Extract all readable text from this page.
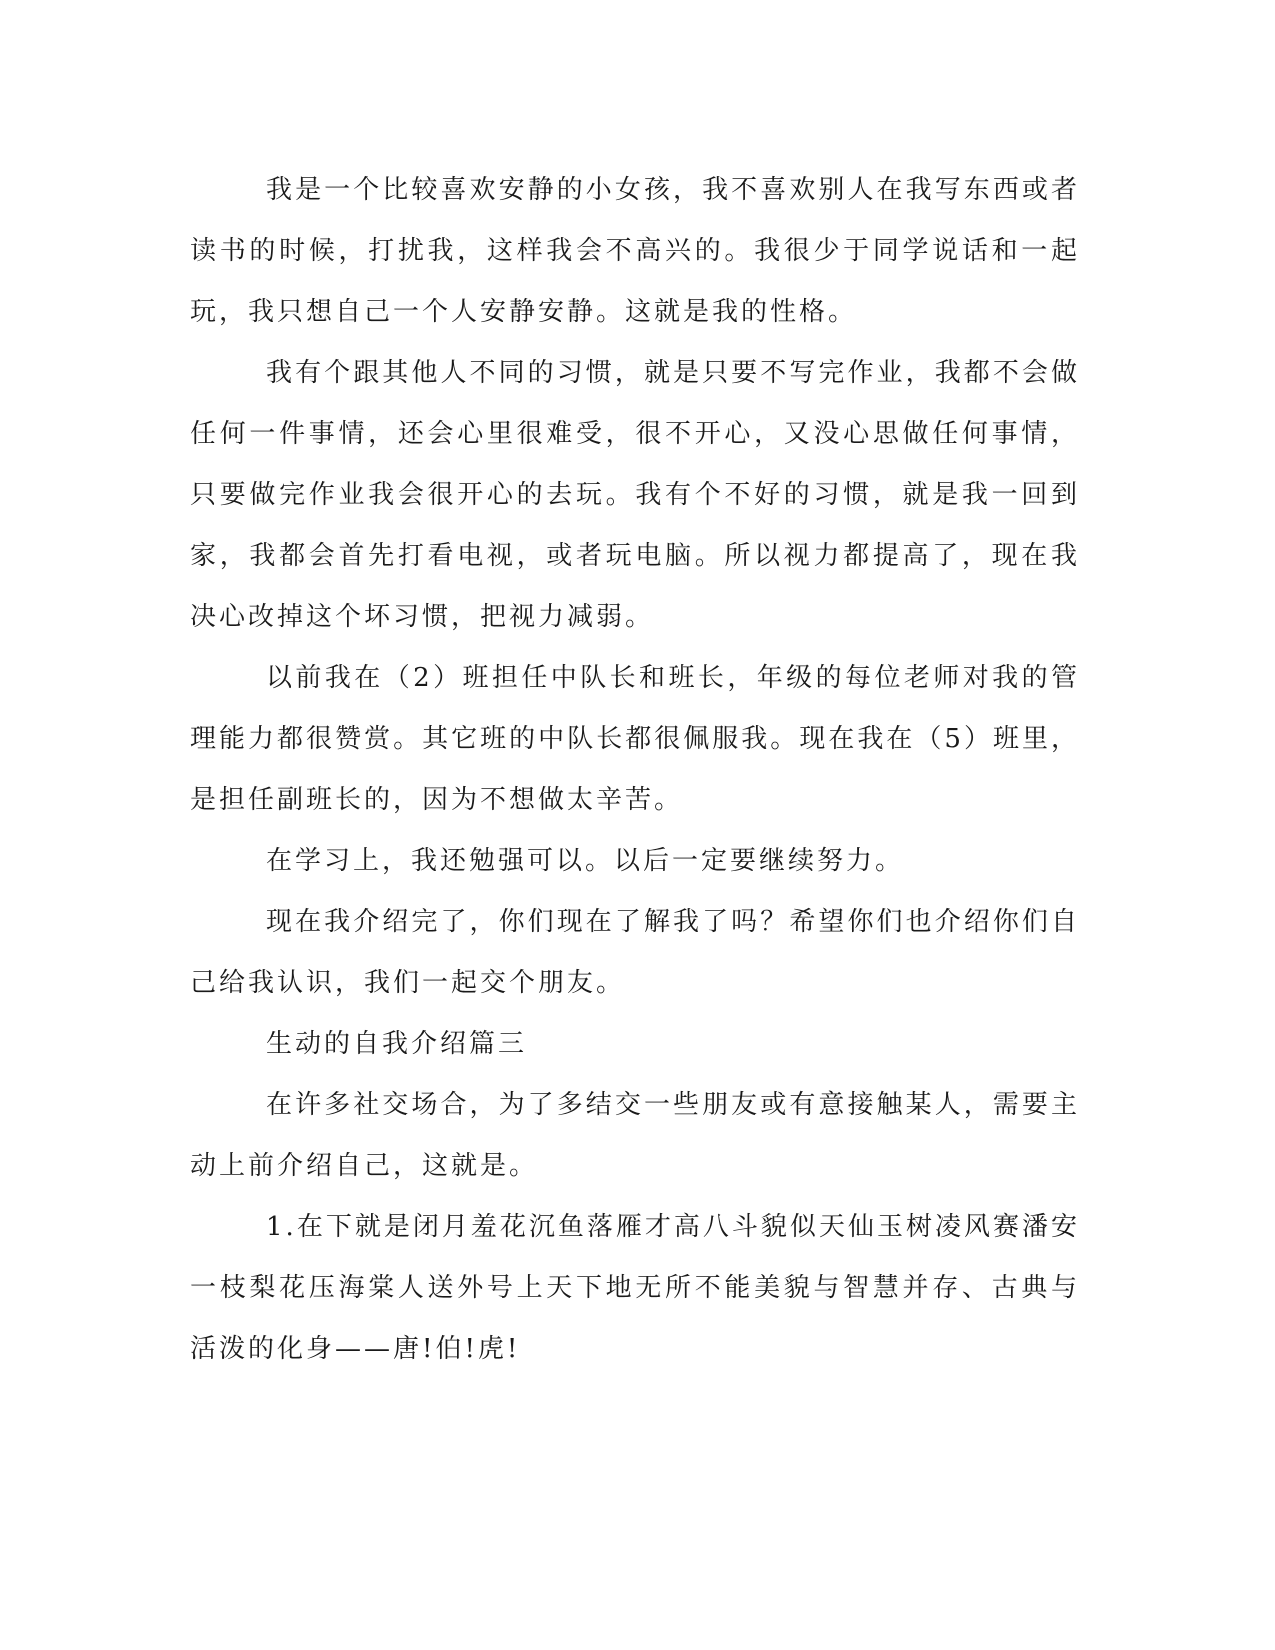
我是一个比较喜欢安静的小女孩，我不喜欢别人在我写东西或者读书的时候，打扰我，这样我会不高兴的。我很少于同学说话和一起玩，我只想自己一个人安静安静。这就是我的性格。

我有个跟其他人不同的习惯，就是只要不写完作业，我都不会做任何一件事情，还会心里很难受，很不开心，又没心思做任何事情，只要做完作业我会很开心的去玩。我有个不好的习惯，就是我一回到家，我都会首先打看电视，或者玩电脑。所以视力都提高了，现在我决心改掉这个坏习惯，把视力减弱。

以前我在（2）班担任中队长和班长，年级的每位老师对我的管理能力都很赞赏。其它班的中队长都很佩服我。现在我在（5）班里，是担任副班长的，因为不想做太辛苦。

在学习上，我还勉强可以。以后一定要继续努力。

现在我介绍完了，你们现在了解我了吗？希望你们也介绍你们自己给我认识，我们一起交个朋友。

生动的自我介绍篇三

在许多社交场合，为了多结交一些朋友或有意接触某人，需要主动上前介绍自己，这就是。

1.在下就是闭月羞花沉鱼落雁才高八斗貌似天仙玉树凌风赛潘安一枝梨花压海棠人送外号上天下地无所不能美貌与智慧并存、古典与活泼的化身——唐!伯!虎!
